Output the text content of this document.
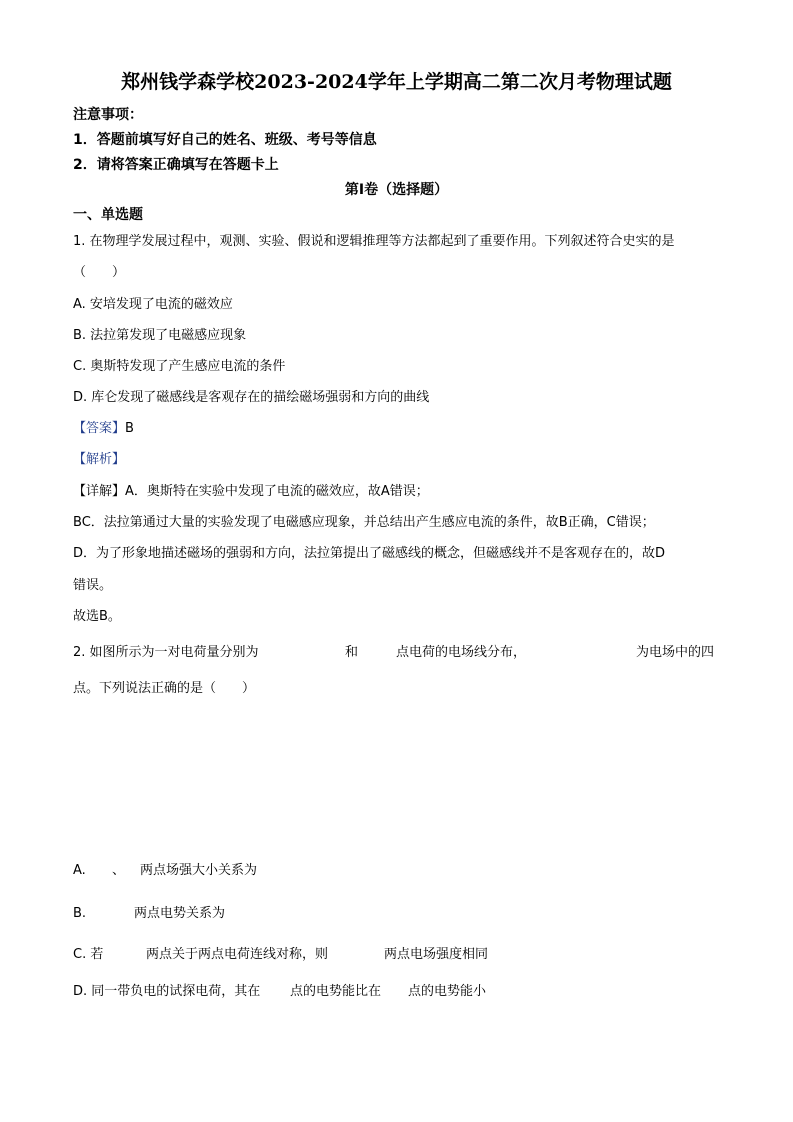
郑州钱学森学校2023-2024学年上学期高二第二次月考物理试题
注意事项：
1．答题前填写好自己的姓名、班级、考号等信息
2．请将答案正确填写在答题卡上
第I卷（选择题）
一、单选题
1. 在物理学发展过程中，观测、实验、假说和逻辑推理等方法都起到了重要作用。下列叙述符合史实的是
（　　）
A. 安培发现了电流的磁效应
B. 法拉第发现了电磁感应现象
C. 奥斯特发现了产生感应电流的条件
D. 库仑发现了磁感线是客观存在的描绘磁场强弱和方向的曲线
【答案】B
【解析】
【详解】A．奥斯特在实验中发现了电流的磁效应，故A错误；
BC．法拉第通过大量的实验发现了电磁感应现象，并总结出产生感应电流的条件，故B正确，C错误；
D．为了形象地描述磁场的强弱和方向，法拉第提出了磁感线的概念，但磁感线并不是客观存在的，故D
错误。
故选B。
2. 如图所示为一对电荷量分别为	和	点电荷的电场线分布，	为电场中的四
点。下列说法正确的是（　　）
A. 、 两点场强大小关系为
B.	两点电势关系为
C. 若	两点关于两点电荷连线对称，则	两点电场强度相同
D. 同一带负电的试探电荷，其在 点的电势能比在 点的电势能小
